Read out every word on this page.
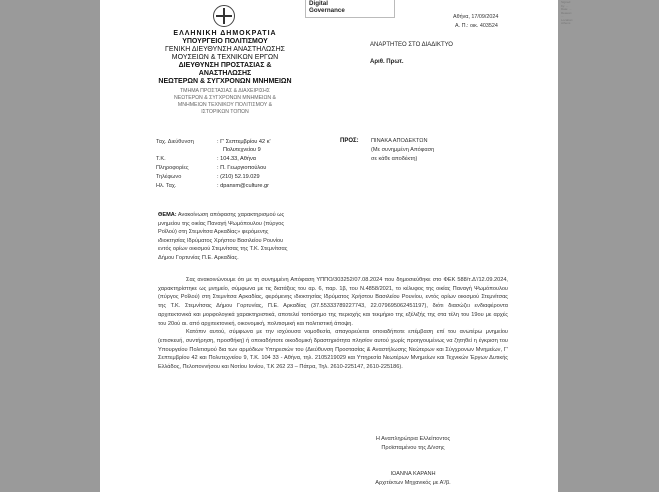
Digital
Governance
Signed by: ...
Date: ...
Reason: ...
Location: Athens
Αθήνα, 17/09/2024
Α. Π.: οικ. 403524
ΕΛΛΗΝΙΚΗ ΔΗΜΟΚΡΑΤΙΑ
ΥΠΟΥΡΓΕΙΟ ΠΟΛΙΤΙΣΜΟΥ
ΓΕΝΙΚΗ ΔΙΕΥΘΥΝΣΗ ΑΝΑΣΤΗΛΩΣΗΣ
ΜΟΥΣΕΙΩΝ & ΤΕΧΝΙΚΩΝ ΕΡΓΩΝ
ΔΙΕΥΘΥΝΣΗ ΠΡΟΣΤΑΣΙΑΣ &
ΑΝΑΣΤΗΛΩΣΗΣ
ΝΕΩΤΕΡΩΝ & ΣΥΓΧΡΟΝΩΝ ΜΝΗΜΕΙΩΝ
ΤΜΗΜΑ ΠΡΟΣΤΑΣΙΑΣ & ΔΙΑΧΕΙΡΙΣΗΣ
ΝΕΩΤΕΡΩΝ & ΣΥΓΧΡΟΝΩΝ ΜΝΗΜΕΙΩΝ &
ΜΝΗΜΕΙΩΝ ΤΕΧΝΙΚΟΥ ΠΟΛΙΤΙΣΜΟΥ &
ΙΣΤΟΡΙΚΩΝ ΤΟΠΩΝ
ΑΝΑΡΤΗΤΕΟ ΣΤΟ ΔΙΑΔΙΚΤΥΟ
Αριθ. Πρωτ.
Ταχ. Διεύθυνση	: Γ' Σεπτεμβρίου 42 κ'
Πολυτεχνείου 9
Τ.Κ.	: 104.33, Αθήνα
Πληροφορίες	: Π. Γεωργιοπούλου
Τηλέφωνο	: (210) 52.19.029
Ηλ. Ταχ.	: dpansm@culture.gr
ΠΡΟΣ: ΠΙΝΑΚΑ ΑΠΟΔΕΚΤΩΝ
(Με συνημμένη Απόφαση
σε κάθε αποδέκτη)
ΘΕΜΑ: Ανακοίνωση απόφασης χαρακτηρισμού ως
μνημείου της οικίας Παναγή Ψωμόπουλου (πύργος
Ροΐλού) στη Στεμνίτσα Αρκαδίας» φερόμενης
ιδιοκτησίας Ιδρύματος Χρήστου Βασιλείου Ρουνίου
εντός ορίων οικισμού Στεμνίτσας της Τ.Κ. Στεμνίτσας
Δήμου Γορτυνίας Π.Ε. Αρκαδίας.

Σας ανακοινώνουμε ότι με τη συνημμένη Απόφαση ΥΠΠΟ/303252/07.08.2024 που δημοσιεύθηκε στο ΦΕΚ 588/τ.Δ'/12.09.2024, χαρακτηρίστηκε ως μνημείο, σύμφωνα με τις διατάξεις του αρ. 6, παρ. 1β, του Ν.4858/2021, το κέλυφος της οικίας Παναγή Ψωμόπουλου (πύργος Ροΐλού) στη Στεμνίτσα Αρκαδίας, φερόμενης ιδιοκτησίας Ιδρύματος Χρήστου Βασιλείου Ρουνίου, εντός ορίων οικισμού Στεμνίτσας της Τ.Κ. Στεμνίτσας Δήμου Γορτυνίας, Π.Ε. Αρκαδίας (37.55333789227743, 22.079695062451197), διότι διασώζει ενδιαφέροντα αρχιτεκτονικά και μορφολογικά χαρακτηριστικά, αποτελεί τοπόσημο της περιοχής και τεκμήριο της εξέλιξής της στα τέλη του 19ου με αρχές του 20ού αι. από αρχιτεκτονική, οικονομική, πολιτισμική και πολιτιστική άποψη.

Κατόπιν αυτού, σύμφωνα με την ισχύουσα νομοθεσία, απαγορεύεται οποιαδήποτε επέμβαση επί του ανωτέρω μνημείου (επισκευή, συντήρηση, προσθήκη) ή οποιαδήποτε οικοδομική δραστηριότητα πλησίον αυτού χωρίς προηγουμένως να ζητηθεί η έγκριση του Υπουργείου Πολιτισμού δια των αρμόδιων Υπηρεσιών του (Διεύθυνση Προστασίας & Αναστήλωσης Νεώτερων και Σύγχρονων Μνημείων, Γ' Σεπτεμβρίου 42 και Πολυτεχνείου 9, Τ.Κ. 104 33 - Αθήνα, τηλ. 2105219029 και Υπηρεσία Νεωτέρων Μνημείων και Τεχνικών Έργων Δυτικής Ελλάδος, Πελοποννήσου και Νοτίου Ιονίου, Τ.Κ 262 23 – Πάτρα, Τηλ. 2610-225147, 2610-225186).

Η Αναπληρώτρια Ελλείποντος
Προϊσταμένου της Δ/νσης
ΙΩΑΝΝΑ ΚΑΡΑΝΗ
Αρχιτέκτων Μηχανικός με Α'/β.
